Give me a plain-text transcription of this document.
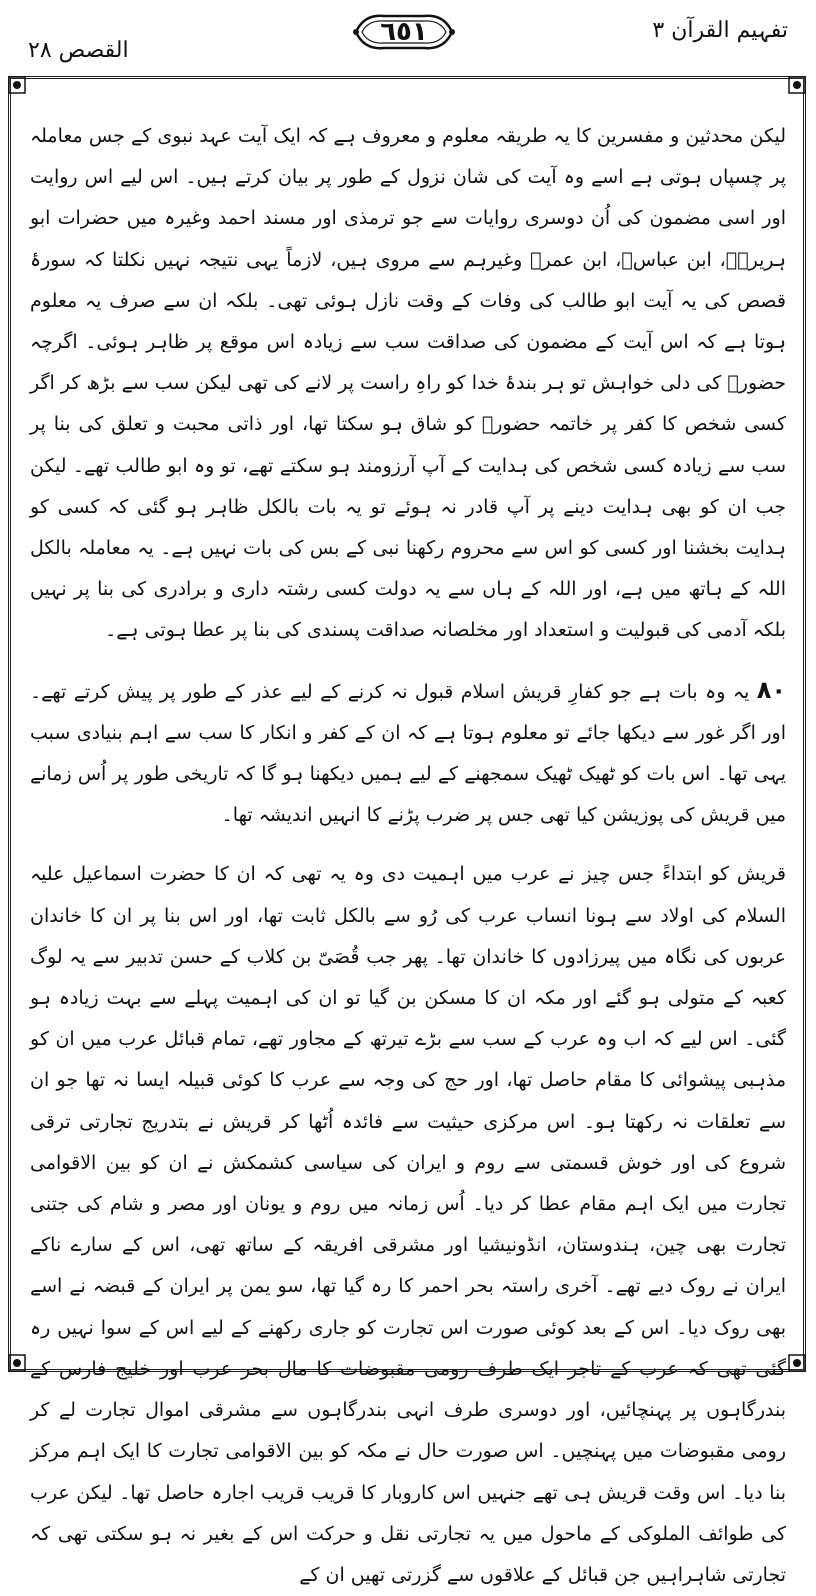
تفہیم القرآن ۳
٦٥١
القصص ۲۸

لیکن محدثین و مفسرین کا یہ طریقہ معلوم و معروف ہے کہ ایک آیت عہد نبوی کے جس معاملہ پر چسپاں ہوتی ہے اسے وہ آیت کی شان نزول کے طور پر بیان کرتے ہیں۔ اس لیے اس روایت اور اسی مضمون کی اُن دوسری روایات سے جو ترمذی اور مسند احمد وغیرہ میں حضرات ابو ہریرہؓ، ابن عباسؓ، ابن عمرؓ وغیرہم سے مروی ہیں، لازماً یہی نتیجہ نہیں نکلتا کہ سورۂ قصص کی یہ آیت ابو طالب کی وفات کے وقت نازل ہوئی تھی۔ بلکہ ان سے صرف یہ معلوم ہوتا ہے کہ اس آیت کے مضمون کی صداقت سب سے زیادہ اس موقع پر ظاہر ہوئی۔ اگرچہ حضورؐ کی دلی خواہش تو ہر بندۂ خدا کو راہِ راست پر لانے کی تھی لیکن سب سے بڑھ کر اگر کسی شخص کا کفر پر خاتمہ حضورؐ کو شاق ہو سکتا تھا، اور ذاتی محبت و تعلق کی بنا پر سب سے زیادہ کسی شخص کی ہدایت کے آپ آرزومند ہو سکتے تھے، تو وہ ابو طالب تھے۔ لیکن جب ان کو بھی ہدایت دینے پر آپ قادر نہ ہوئے تو یہ بات بالکل ظاہر ہو گئی کہ کسی کو ہدایت بخشنا اور کسی کو اس سے محروم رکھنا نبی کے بس کی بات نہیں ہے۔ یہ معاملہ بالکل اللہ کے ہاتھ میں ہے، اور اللہ کے ہاں سے یہ دولت کسی رشتہ داری و برادری کی بنا پر نہیں بلکہ آدمی کی قبولیت و استعداد اور مخلصانہ صداقت پسندی کی بنا پر عطا ہوتی ہے۔

۸۰ یہ وہ بات ہے جو کفارِ قریش اسلام قبول نہ کرنے کے لیے عذر کے طور پر پیش کرتے تھے۔ اور اگر غور سے دیکھا جائے تو معلوم ہوتا ہے کہ ان کے کفر و انکار کا سب سے اہم بنیادی سبب یہی تھا۔ اس بات کو ٹھیک ٹھیک سمجھنے کے لیے ہمیں دیکھنا ہو گا کہ تاریخی طور پر اُس زمانے میں قریش کی پوزیشن کیا تھی جس پر ضرب پڑنے کا انہیں اندیشہ تھا۔

قریش کو ابتداءً جس چیز نے عرب میں اہمیت دی وہ یہ تھی کہ ان کا حضرت اسماعیل علیہ السلام کی اولاد سے ہونا انساب عرب کی رُو سے بالکل ثابت تھا، اور اس بنا پر ان کا خاندان عربوں کی نگاہ میں پیرزادوں کا خاندان تھا۔ پھر جب قُصَیّ بن کلاب کے حسن تدبیر سے یہ لوگ کعبہ کے متولی ہو گئے اور مکہ ان کا مسکن بن گیا تو ان کی اہمیت پہلے سے بہت زیادہ ہو گئی۔ اس لیے کہ اب وہ عرب کے سب سے بڑے تیرتھ کے مجاور تھے، تمام قبائل عرب میں ان کو مذہبی پیشوائی کا مقام حاصل تھا، اور حج کی وجہ سے عرب کا کوئی قبیلہ ایسا نہ تھا جو ان سے تعلقات نہ رکھتا ہو۔ اس مرکزی حیثیت سے فائدہ اُٹھا کر قریش نے بتدریج تجارتی ترقی شروع کی اور خوش قسمتی سے روم و ایران کی سیاسی کشمکش نے ان کو بین الاقوامی تجارت میں ایک اہم مقام عطا کر دیا۔ اُس زمانہ میں روم و یونان اور مصر و شام کی جتنی تجارت بھی چین، ہندوستان، انڈونیشیا اور مشرقی افریقہ کے ساتھ تھی، اس کے سارے ناکے ایران نے روک دیے تھے۔ آخری راستہ بحر احمر کا رہ گیا تھا، سو یمن پر ایران کے قبضہ نے اسے بھی روک دیا۔ اس کے بعد کوئی صورت اس تجارت کو جاری رکھنے کے لیے اس کے سوا نہیں رہ گئی تھی کہ عرب کے تاجر ایک طرف رومی مقبوضات کا مال بحر عرب اور خلیج فارس کے بندرگاہوں پر پہنچائیں، اور دوسری طرف انہی بندرگاہوں سے مشرقی اموال تجارت لے کر رومی مقبوضات میں پہنچیں۔ اس صورت حال نے مکہ کو بین الاقوامی تجارت کا ایک اہم مرکز بنا دیا۔ اس وقت قریش ہی تھے جنہیں اس کاروبار کا قریب قریب اجارہ حاصل تھا۔ لیکن عرب کی طوائف الملوکی کے ماحول میں یہ تجارتی نقل و حرکت اس کے بغیر نہ ہو سکتی تھی کہ تجارتی شاہراہیں جن قبائل کے علاقوں سے گزرتی تھیں ان کے
